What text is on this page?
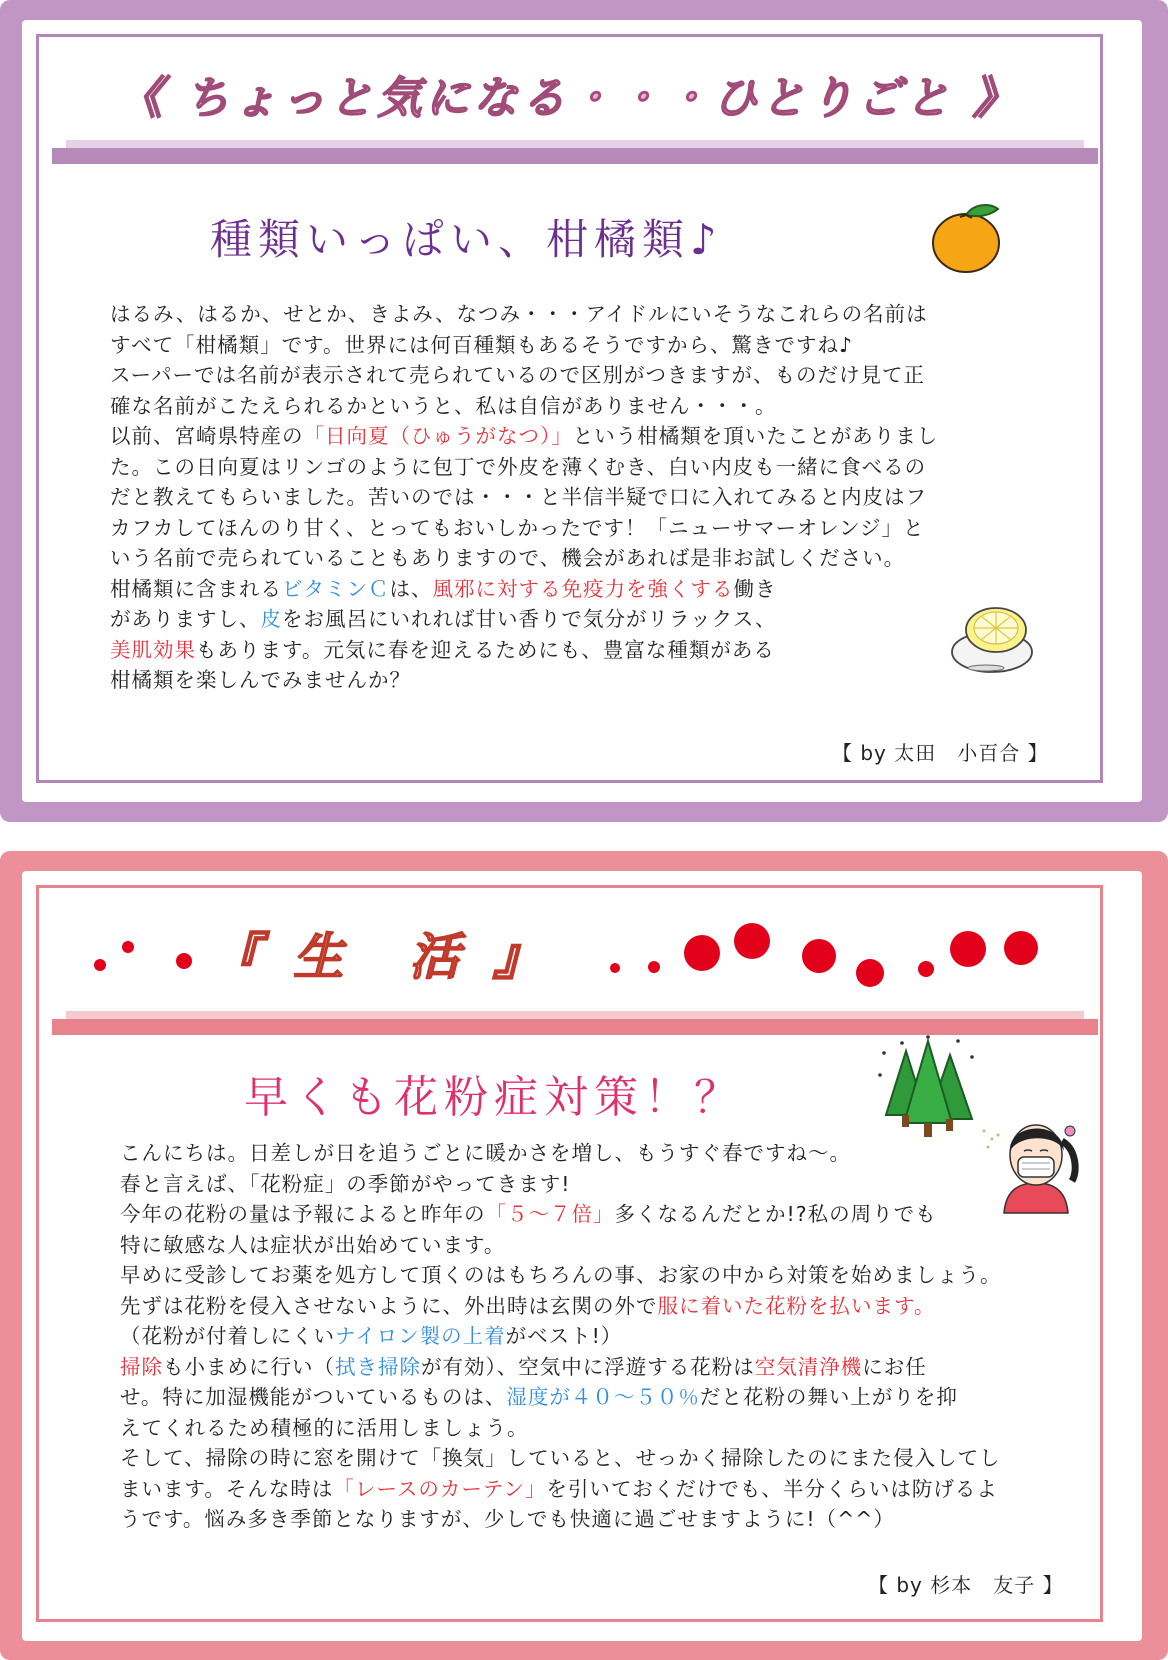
《 ちょっと気になる・・・ひとりごと 》
種類いっぱい、柑橘類♪
はるみ、はるか、せとか、きよみ、なつみ・・・アイドルにいそうなこれらの名前は
すべて「柑橘類」です。世界には何百種類もあるそうですから、驚きですね♪
スーパーでは名前が表示されて売られているので区別がつきますが、ものだけ見て正
確な名前がこたえられるかというと、私は自信がありません・・・。
以前、宮崎県特産の「日向夏（ひゅうがなつ）」という柑橘類を頂いたことがありまし
た。この日向夏はリンゴのように包丁で外皮を薄くむき、白い内皮も一緒に食べるの
だと教えてもらいました。苦いのでは・・・と半信半疑で口に入れてみると内皮はフ
カフカしてほんのり甘く、とってもおいしかったです！「ニューサマーオレンジ」と
いう名前で売られていることもありますので、機会があれば是非お試しください。
柑橘類に含まれるビタミンＣは、風邪に対する免疫力を強くする働き
がありますし、皮をお風呂にいれれば甘い香りで気分がリラックス、
美肌効果もあります。元気に春を迎えるためにも、豊富な種類がある
柑橘類を楽しんでみませんか？
【 by 太田　小百合 】
『 生　活 』
早くも花粉症対策！？
こんにちは。日差しが日を追うごとに暖かさを増し、もうすぐ春ですね～。
春と言えば、「花粉症」の季節がやってきます!
今年の花粉の量は予報によると昨年の「５～７倍」多くなるんだとか!?私の周りでも
特に敏感な人は症状が出始めています。
早めに受診してお薬を処方して頂くのはもちろんの事、お家の中から対策を始めましょう。
先ずは花粉を侵入させないように、外出時は玄関の外で服に着いた花粉を払います。
（花粉が付着しにくいナイロン製の上着がベスト!）
掃除も小まめに行い（拭き掃除が有効）、空気中に浮遊する花粉は空気清浄機にお任
せ。特に加湿機能がついているものは、湿度が４０～５０％だと花粉の舞い上がりを抑
えてくれるため積極的に活用しましょう。
そして、掃除の時に窓を開けて「換気」していると、せっかく掃除したのにまた侵入してし
まいます。そんな時は「レースのカーテン」を引いておくだけでも、半分くらいは防げるよ
うです。悩み多き季節となりますが、少しでも快適に過ごせますように!（^^）
【 by 杉本　友子 】
